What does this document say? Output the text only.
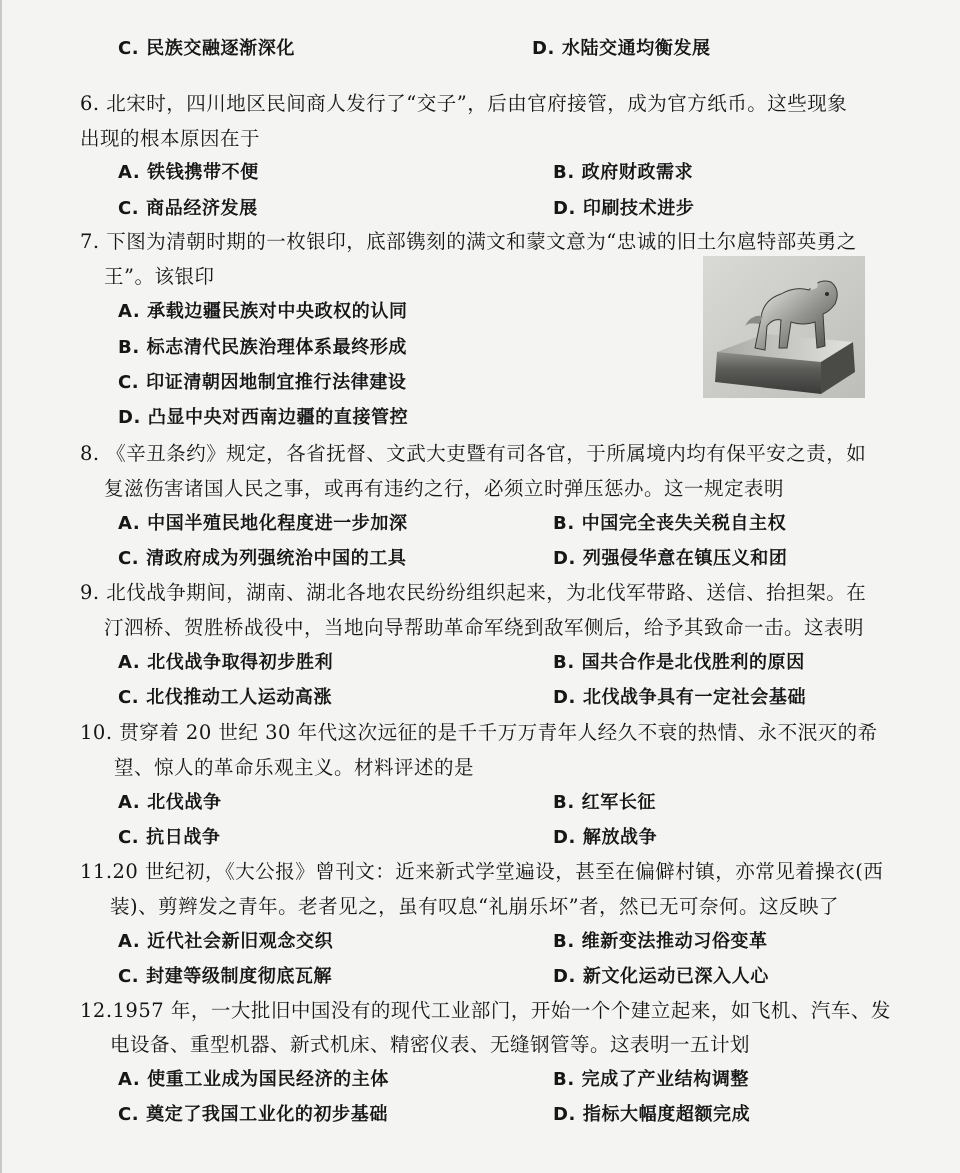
C. 民族交融逐渐深化	D. 水陆交通均衡发展
6. 北宋时，四川地区民间商人发行了“交子”，后由官府接管，成为官方纸币。这些现象
出现的根本原因在于
A. 铁钱携带不便	B. 政府财政需求
C. 商品经济发展	D. 印刷技术进步
7. 下图为清朝时期的一枚银印，底部镌刻的满文和蒙文意为“忠诚的旧土尔扈特部英勇之
王”。该银印
A. 承载边疆民族对中央政权的认同
B. 标志清代民族治理体系最终形成
C. 印证清朝因地制宜推行法律建设
D. 凸显中央对西南边疆的直接管控
8. 《辛丑条约》规定，各省抚督、文武大吏暨有司各官，于所属境内均有保平安之责，如
复滋伤害诸国人民之事，或再有违约之行，必须立时弹压惩办。这一规定表明
A. 中国半殖民地化程度进一步加深	B. 中国完全丧失关税自主权
C. 清政府成为列强统治中国的工具	D. 列强侵华意在镇压义和团
9. 北伐战争期间，湖南、湖北各地农民纷纷组织起来，为北伐军带路、送信、抬担架。在
汀泗桥、贺胜桥战役中，当地向导帮助革命军绕到敌军侧后，给予其致命一击。这表明
A. 北伐战争取得初步胜利	B. 国共合作是北伐胜利的原因
C. 北伐推动工人运动高涨	D. 北伐战争具有一定社会基础
10. 贯穿着 20 世纪 30 年代这次远征的是千千万万青年人经久不衰的热情、永不泯灭的希
望、惊人的革命乐观主义。材料评述的是
A. 北伐战争	B. 红军长征
C. 抗日战争	D. 解放战争
11.20 世纪初，《大公报》曾刊文：近来新式学堂遍设，甚至在偏僻村镇，亦常见着操衣(西
装)、剪辫发之青年。老者见之，虽有叹息“礼崩乐坏”者，然已无可奈何。这反映了
A. 近代社会新旧观念交织	B. 维新变法推动习俗变革
C. 封建等级制度彻底瓦解	D. 新文化运动已深入人心
12.1957 年，一大批旧中国没有的现代工业部门，开始一个个建立起来，如飞机、汽车、发
电设备、重型机器、新式机床、精密仪表、无缝钢管等。这表明一五计划
A. 使重工业成为国民经济的主体	B. 完成了产业结构调整
C. 奠定了我国工业化的初步基础	D. 指标大幅度超额完成
